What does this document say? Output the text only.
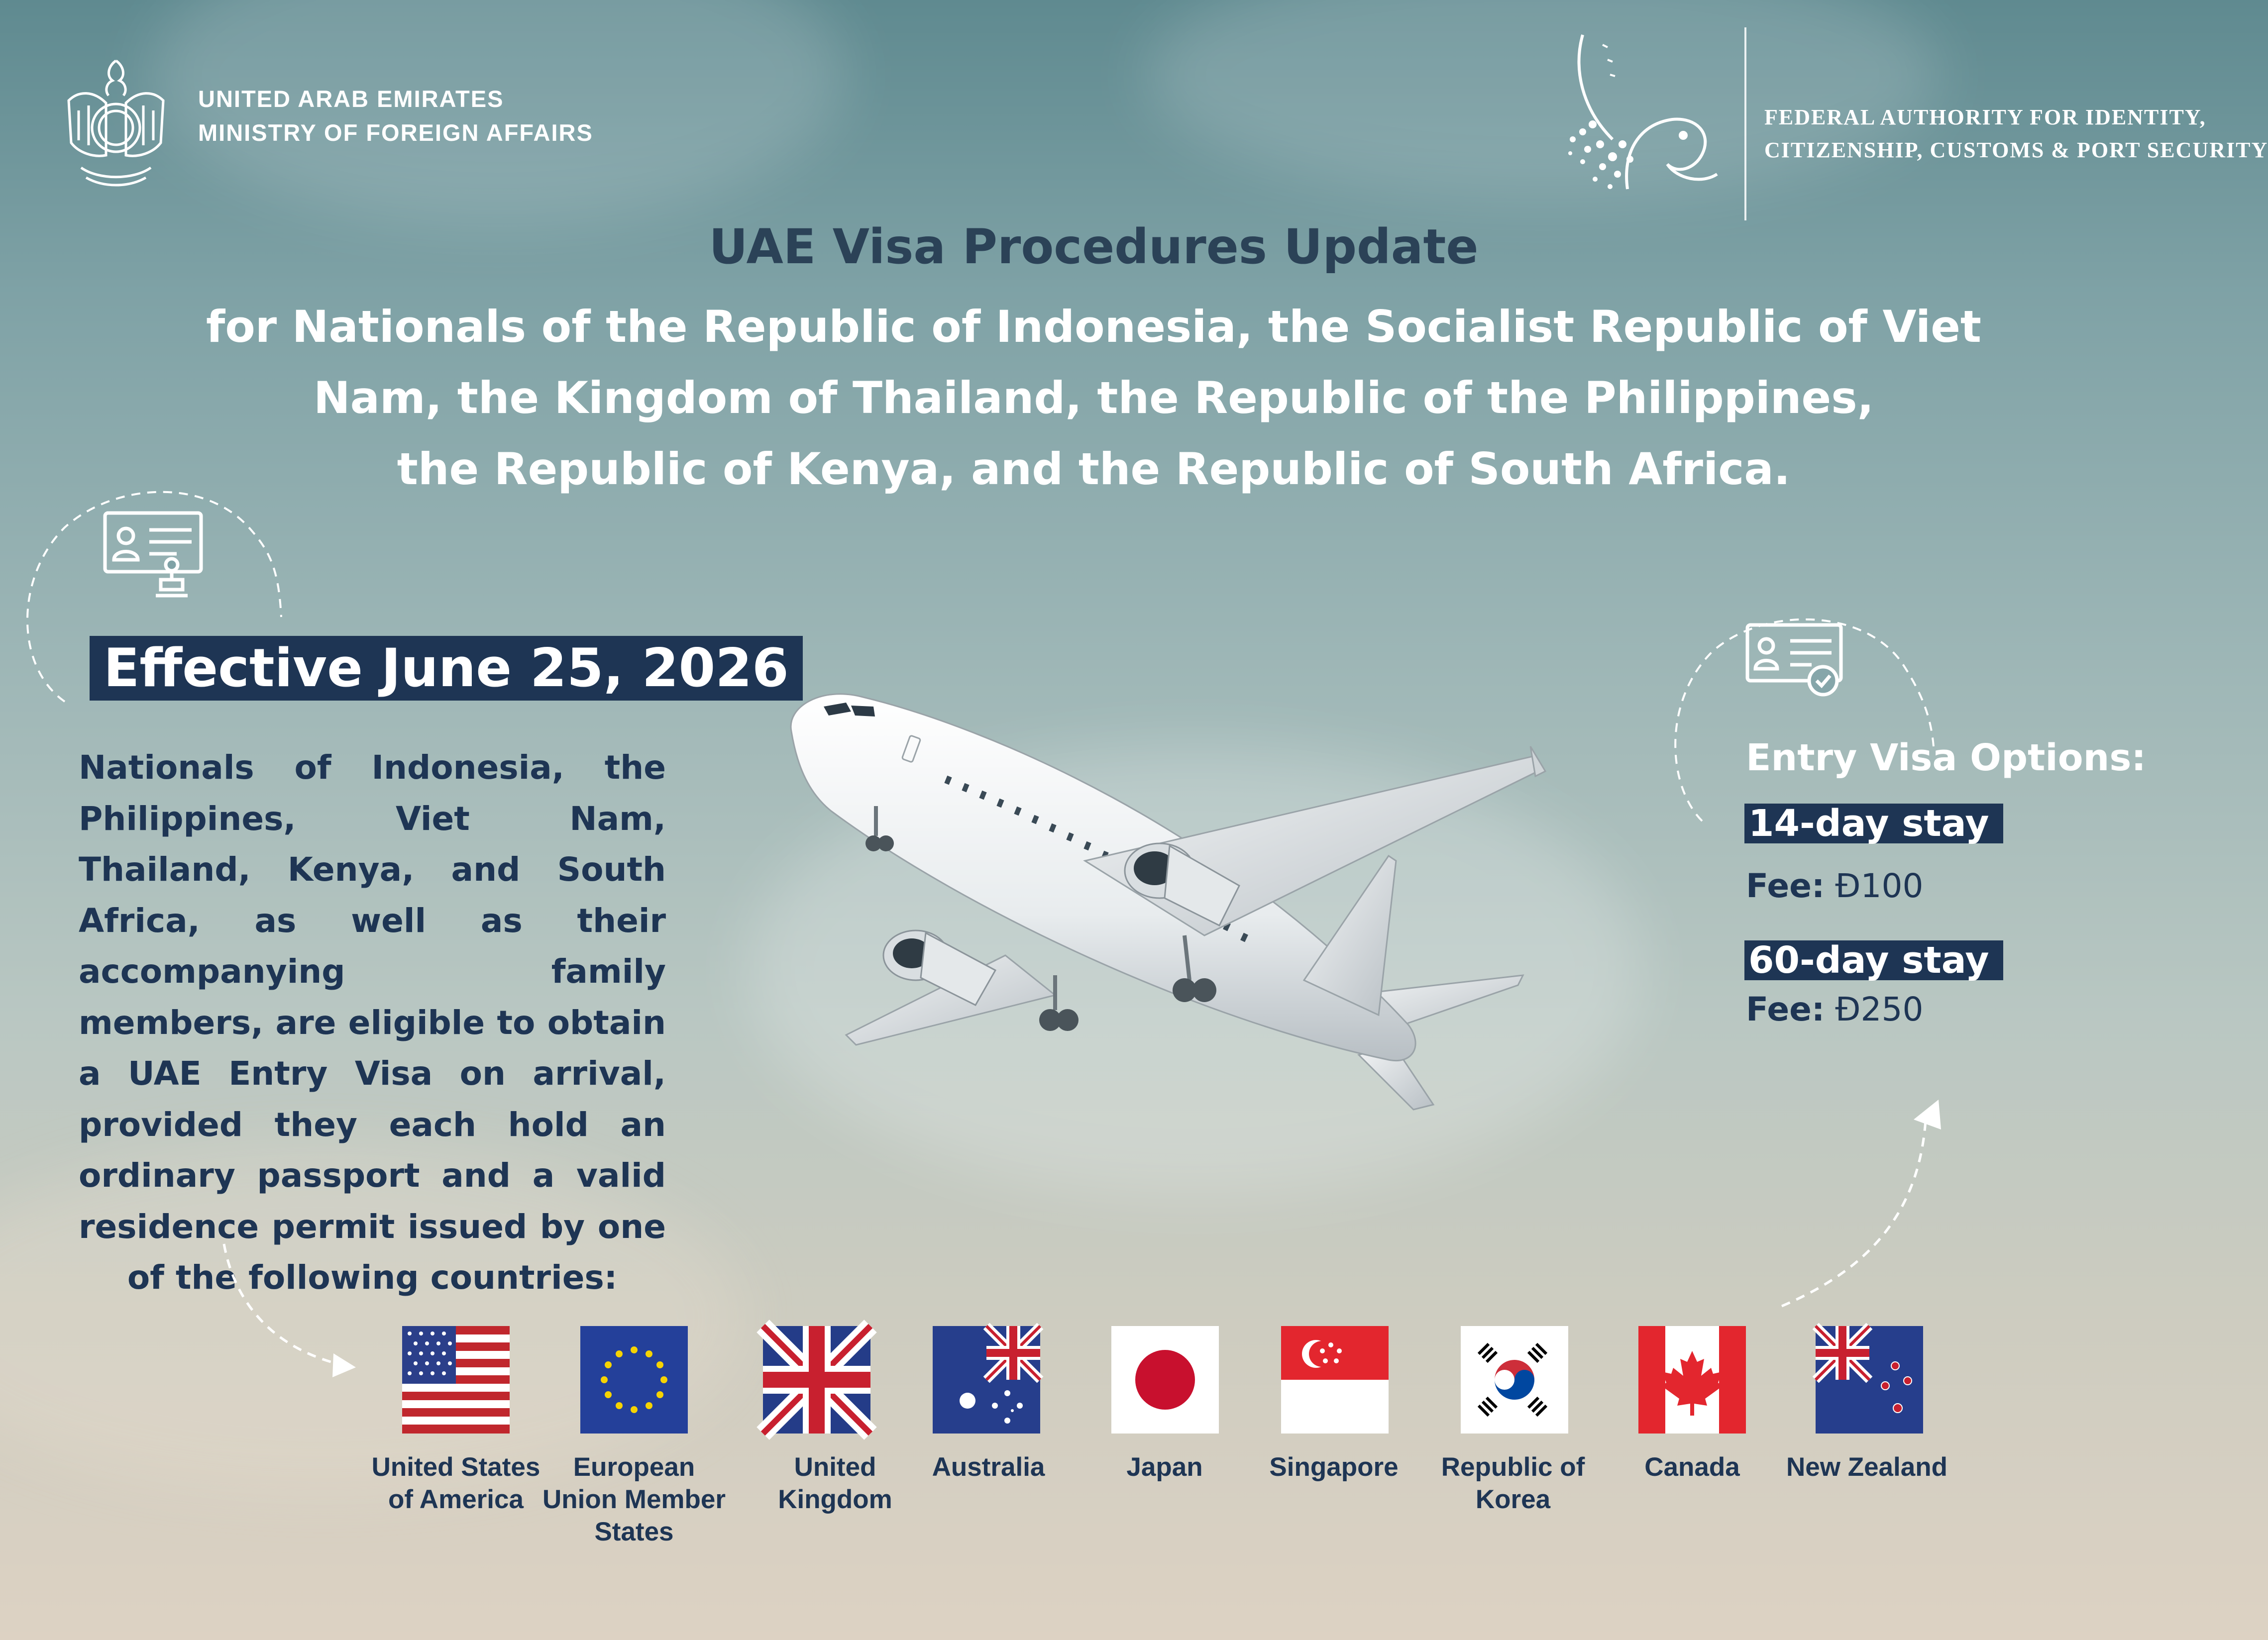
UNITED ARAB EMIRATES
MINISTRY OF FOREIGN AFFAIRS
FEDERAL AUTHORITY FOR IDENTITY,
CITIZENSHIP, CUSTOMS & PORT SECURITY
UAE Visa Procedures Update
for Nationals of the Republic of Indonesia, the Socialist Republic of Viet
Nam, the Kingdom of Thailand, the Republic of the Philippines,
the Republic of Kenya, and the Republic of South Africa.
Effective June 25, 2026
Nationals of Indonesia, the Philippines, Viet Nam, Thailand, Kenya, and South Africa, as well as their accompanying family members, are eligible to obtain a UAE Entry Visa on arrival, provided they each hold an ordinary passport and a valid residence permit issued by one of the following countries:
Entry Visa Options:
14-day stay
Fee: Ð100
60-day stay
Fee: Ð250
United States of America
European Union Member States
United Kingdom
Australia	Japan	Singapore	Republic of Korea
Canada	New Zealand
